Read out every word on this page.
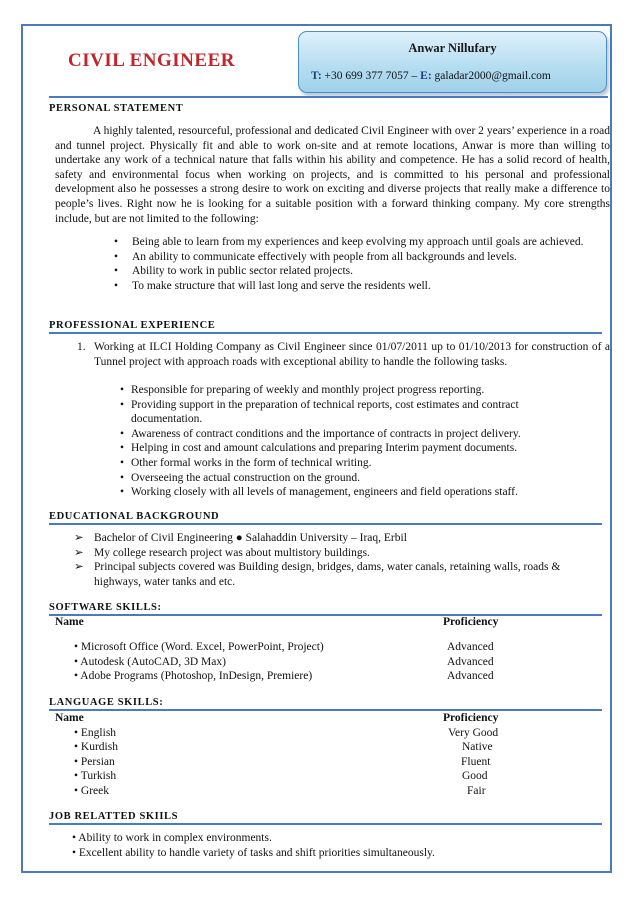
CIVIL ENGINEER
Anwar Nillufary
T: +30 699 377 7057 – E: galadar2000@gmail.com
PERSONAL STATEMENT
A highly talented, resourceful, professional and dedicated Civil Engineer with over 2 years’ experience in a road and tunnel project. Physically fit and able to work on-site and at remote locations, Anwar is more than willing to undertake any work of a technical nature that falls within his ability and competence. He has a solid record of health, safety and environmental focus when working on projects, and is committed to his personal and professional development also he possesses a strong desire to work on exciting and diverse projects that really make a difference to people’s lives. Right now he is looking for a suitable position with a forward thinking company. My core strengths include, but are not limited to the following:
• Being able to learn from my experiences and keep evolving my approach until goals are achieved.
• An ability to communicate effectively with people from all backgrounds and levels.
• Ability to work in public sector related projects.
• To make structure that will last long and serve the residents well.
PROFESSIONAL EXPERIENCE
1. Working at ILCI Holding Company as Civil Engineer since 01/07/2011 up to 01/10/2013 for construction of a Tunnel project with approach roads with exceptional ability to handle the following tasks.
• Responsible for preparing of weekly and monthly project progress reporting.
• Providing support in the preparation of technical reports, cost estimates and contract documentation.
• Awareness of contract conditions and the importance of contracts in project delivery.
• Helping in cost and amount calculations and preparing Interim payment documents.
• Other formal works in the form of technical writing.
• Overseeing the actual construction on the ground.
• Working closely with all levels of management, engineers and field operations staff.
EDUCATIONAL BACKGROUND
➢ Bachelor of Civil Engineering ● Salahaddin University – Iraq, Erbil
➢ My college research project was about multistory buildings.
➢ Principal subjects covered was Building design, bridges, dams, water canals, retaining walls, roads & highways, water tanks and etc.
SOFTWARE SKILLS:
Name	Proficiency
• Microsoft Office (Word. Excel, PowerPoint, Project)	Advanced
• Autodesk (AutoCAD, 3D Max)	Advanced
• Adobe Programs (Photoshop, InDesign, Premiere)	Advanced
LANGUAGE SKILLS:
Name	Proficiency
• English	Very Good
• Kurdish	Native
• Persian	Fluent
• Turkish	Good
• Greek	Fair
JOB RELATTED SKIILS
• Ability to work in complex environments.
• Excellent ability to handle variety of tasks and shift priorities simultaneously.
